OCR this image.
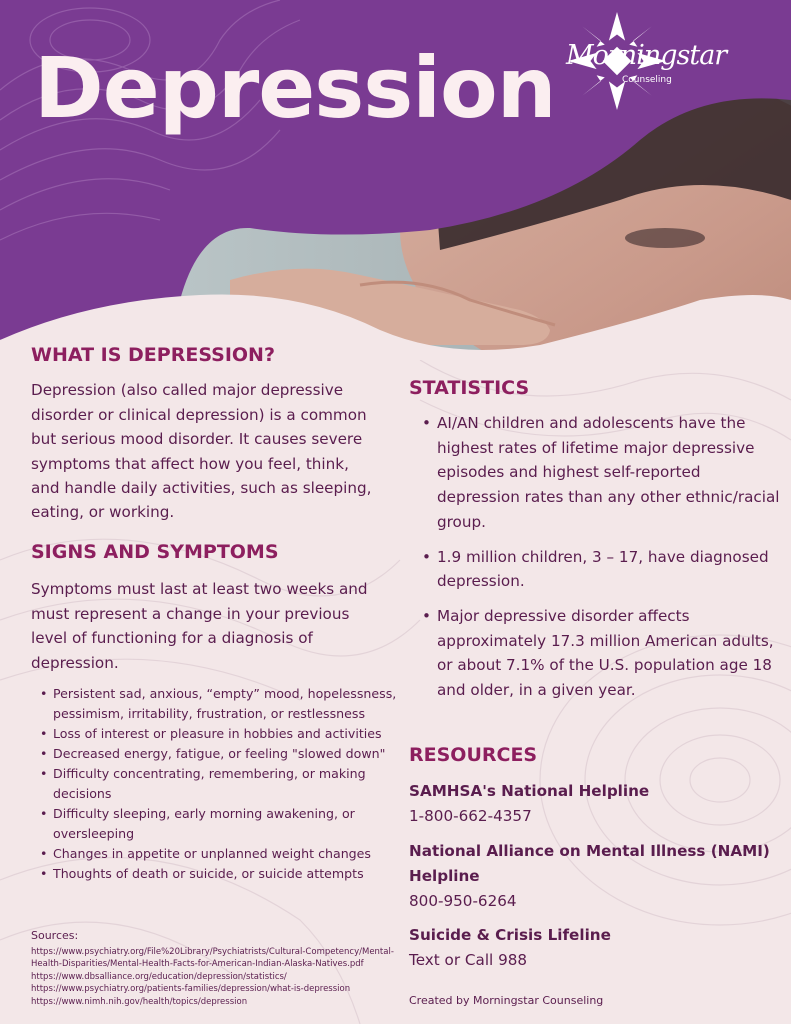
Depression Morningstar
Counseling
WHAT IS DEPRESSION?

Depression (also called major depressive

disorder or clinical depression) is a common

but serious mood disorder. It causes severe

symptoms that affect how you feel, think,

and handle daily activities, such as sleeping,

eating, or working.

SIGNS AND SYMPTOMS

Symptoms must last at least two weeks and

must represent a change in your previous

level of functioning for a diagnosis of

depression.

• Persistent sad, anxious, “empty” mood, hopelessness, pessimism, irritability, frustration, or restlessness
• Loss of interest or pleasure in hobbies and activities
• Decreased energy, fatigue, or feeling "slowed down"
• Difficulty concentrating, remembering, or making decisions
• Difficulty sleeping, early morning awakening, or oversleeping
• Changes in appetite or unplanned weight changes
• Thoughts of death or suicide, or suicide attempts
Sources:
https://www.psychiatry.org/File%20Library/Psychiatrists/Cultural-Competency/Mental-
Health-Disparities/Mental-Health-Facts-for-American-Indian-Alaska-Natives.pdf
https://www.dbsalliance.org/education/depression/statistics/
https://www.psychiatry.org/patients-families/depression/what-is-depression
https://www.nimh.nih.gov/health/topics/depression
STATISTICS
• AI/AN children and adolescents have the highest rates of lifetime major depressive episodes and highest self-reported depression rates than any other ethnic/racial group.
• 1.9 million children, 3 – 17, have diagnosed depression.
• Major depressive disorder affects approximately 17.3 million American adults, or about 7.1% of the U.S. population age 18 and older, in a given year.
RESOURCES
SAMHSA's National Helpline
1-800-662-4357
National Alliance on Mental Illness (NAMI) Helpline
800-950-6264
Suicide & Crisis Lifeline
Text or Call 988
Created by Morningstar Counseling
